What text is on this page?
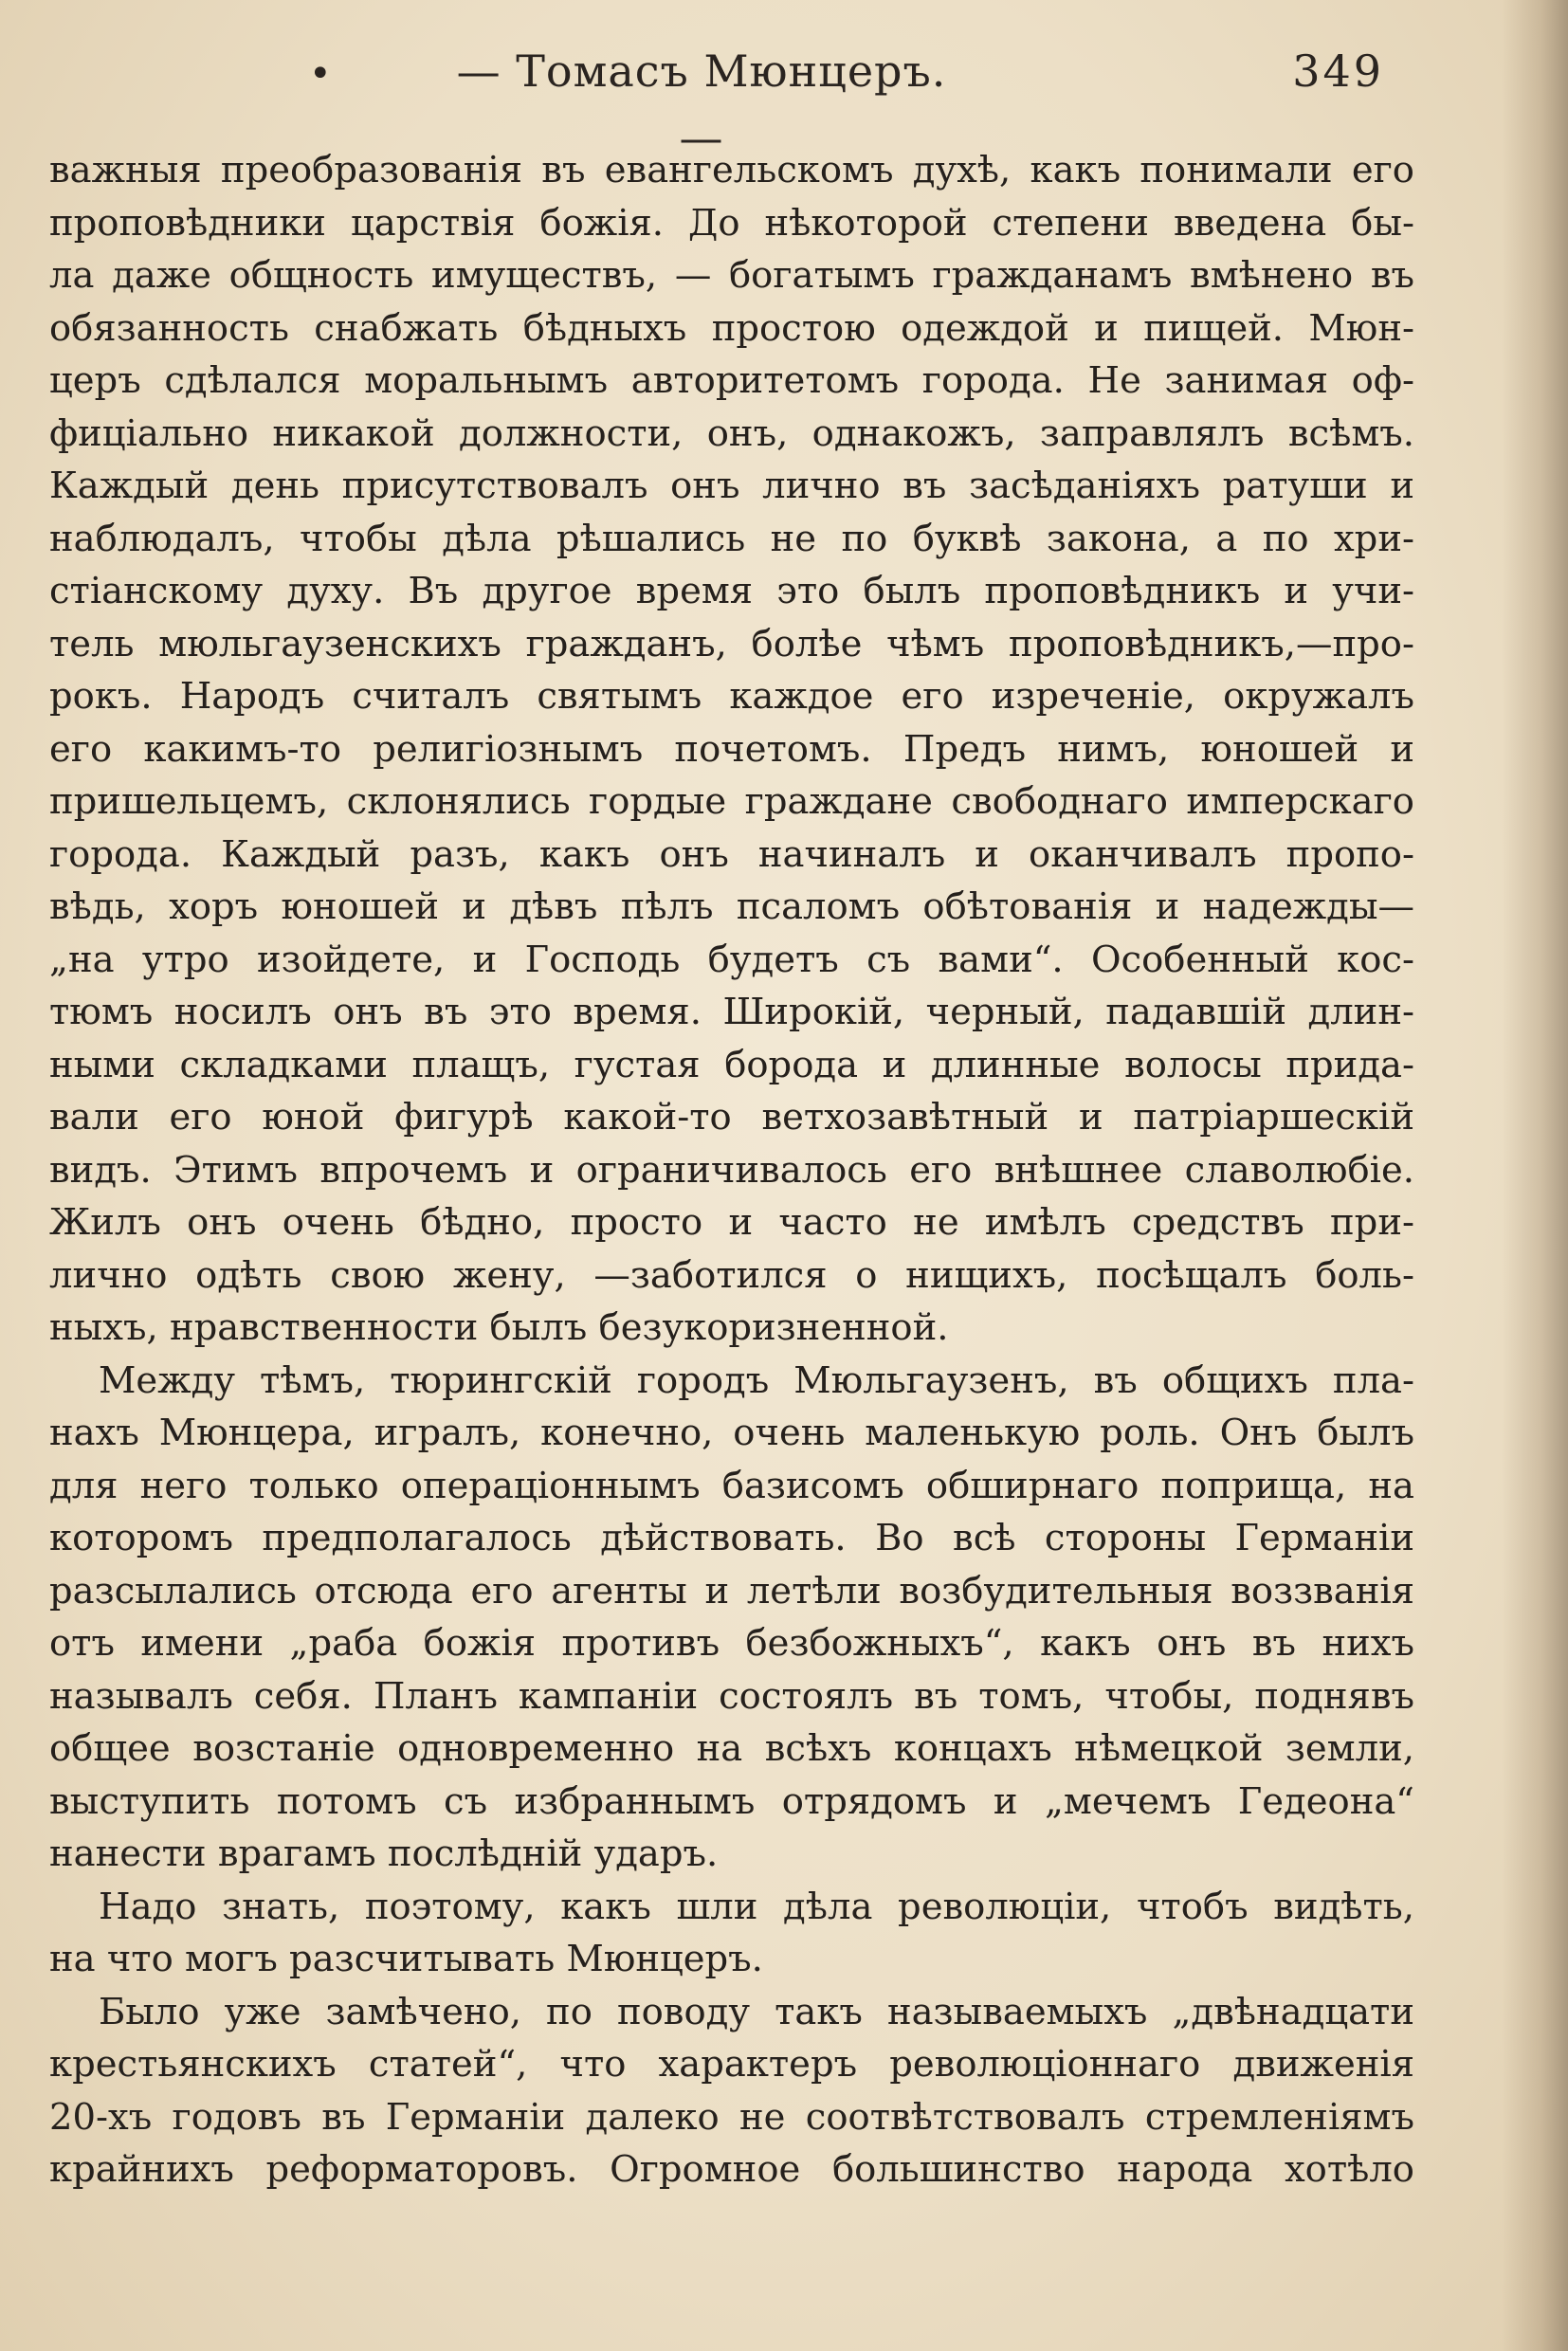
•	— Томасъ Мюнцеръ. —
349
важныя преобразованія въ евангельскомъ духѣ, какъ понимали его
проповѣдники царствія божія. До нѣкоторой степени введена бы-
ла даже общность имуществъ, — богатымъ гражданамъ вмѣнено въ
обязанность снабжать бѣдныхъ простою одеждой и пищей. Мюн-
церъ сдѣлался моральнымъ авторитетомъ города. Не занимая оф-
фиціально никакой должности, онъ, однакожъ, заправлялъ всѣмъ.
Каждый день присутствовалъ онъ лично въ засѣданіяхъ ратуши и
наблюдалъ, чтобы дѣла рѣшались не по буквѣ закона, а по хри-
стіанскому духу. Въ другое время это былъ проповѣдникъ и учи-
тель мюльгаузенскихъ гражданъ, болѣе чѣмъ проповѣдникъ,—про-
рокъ. Народъ считалъ святымъ каждое его изреченіе, окружалъ
его какимъ-то религіознымъ почетомъ. Предъ нимъ, юношей и
пришельцемъ, склонялись гордые граждане свободнаго имперскаго
города. Каждый разъ, какъ онъ начиналъ и оканчивалъ пропо-
вѣдь, хоръ юношей и дѣвъ пѣлъ псаломъ обѣтованія и надежды—
„на утро изойдете, и Господь будетъ съ вами“. Особенный кос-
тюмъ носилъ онъ въ это время. Широкій, черный, падавшій длин-
ными складками плащъ, густая борода и длинные волосы прида-
вали его юной фигурѣ какой-то ветхозавѣтный и патріаршескій
видъ. Этимъ впрочемъ и ограничивалось его внѣшнее славолюбіе.
Жилъ онъ очень бѣдно, просто и часто не имѣлъ средствъ при-
лично одѣть свою жену, —заботился о нищихъ, посѣщалъ боль-
ныхъ, нравственности былъ безукоризненной.
Между тѣмъ, тюрингскій городъ Мюльгаузенъ, въ общихъ пла-
нахъ Мюнцера, игралъ, конечно, очень маленькую роль. Онъ былъ
для него только операціоннымъ базисомъ обширнаго поприща, на
которомъ предполагалось дѣйствовать. Во всѣ стороны Германіи
разсылались отсюда его агенты и летѣли возбудительныя воззванія
отъ имени „раба божія противъ безбожныхъ“, какъ онъ въ нихъ
называлъ себя. Планъ кампаніи состоялъ въ томъ, чтобы, поднявъ
общее возстаніе одновременно на всѣхъ концахъ нѣмецкой земли,
выступить потомъ съ избраннымъ отрядомъ и „мечемъ Гедеона“
нанести врагамъ послѣдній ударъ.
Надо знать, поэтому, какъ шли дѣла революціи, чтобъ видѣть,
на что могъ разсчитывать Мюнцеръ.
Было уже замѣчено, по поводу такъ называемыхъ „двѣнадцати
крестьянскихъ статей“, что характеръ революціоннаго движенія
20-хъ годовъ въ Германіи далеко не соотвѣтствовалъ стремленіямъ
крайнихъ реформаторовъ. Огромное большинство народа хотѣло
